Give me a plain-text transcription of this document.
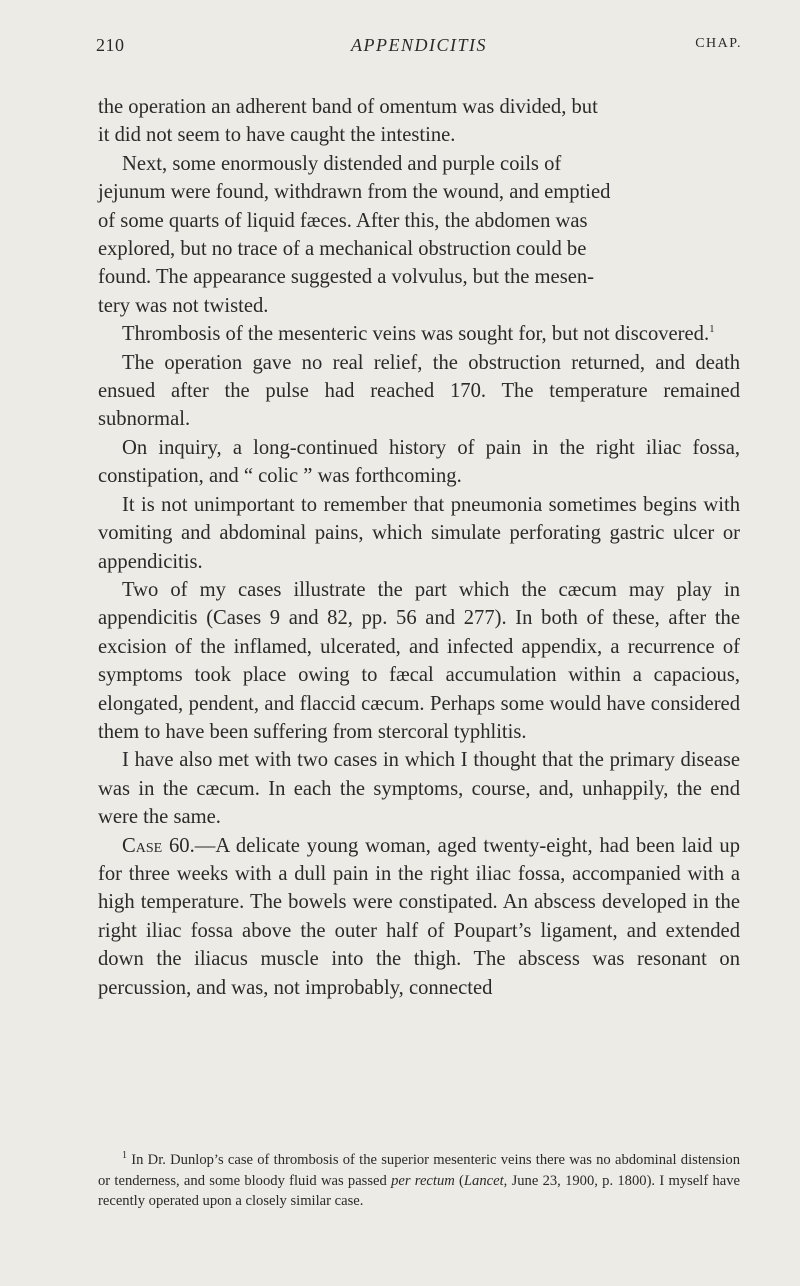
210	APPENDICITIS	CHAP.

the operation an adherent band of omentum was divided, but
it did not seem to have caught the intestine.

Next, some enormously distended and purple coils of
jejunum were found, withdrawn from the wound, and emptied
of some quarts of liquid fæces. After this, the abdomen was
explored, but no trace of a mechanical obstruction could be
found. The appearance suggested a volvulus, but the mesen-
tery was not twisted.

Thrombosis of the mesenteric veins was sought for, but not discovered.$^1$

The operation gave no real relief, the obstruction returned, and death ensued after the pulse had reached 170. The temperature remained subnormal.

On inquiry, a long-continued history of pain in the right iliac fossa, constipation, and “ colic ” was forthcoming.

It is not unimportant to remember that pneumonia sometimes begins with vomiting and abdominal pains, which simulate perforating gastric ulcer or appendicitis.

Two of my cases illustrate the part which the cæcum may play in appendicitis (Cases 9 and 82, pp. 56 and 277). In both of these, after the excision of the inflamed, ulcerated, and infected appendix, a recurrence of symptoms took place owing to fæcal accumulation within a capacious, elongated, pendent, and flaccid cæcum. Perhaps some would have considered them to have been suffering from stercoral typhlitis.

I have also met with two cases in which I thought that the primary disease was in the cæcum. In each the symptoms, course, and, unhappily, the end were the same.

Case 60.—A delicate young woman, aged twenty-eight, had been laid up for three weeks with a dull pain in the right iliac fossa, accompanied with a high temperature. The bowels were constipated. An abscess developed in the right iliac fossa above the outer half of Poupart’s ligament, and extended down the iliacus muscle into the thigh. The abscess was resonant on percussion, and was, not improbably, connected

$^1$ In Dr. Dunlop’s case of thrombosis of the superior mesenteric veins there was no abdominal distension or tenderness, and some bloody fluid was passed per rectum (Lancet, June 23, 1900, p. 1800). I myself have recently operated upon a closely similar case.
